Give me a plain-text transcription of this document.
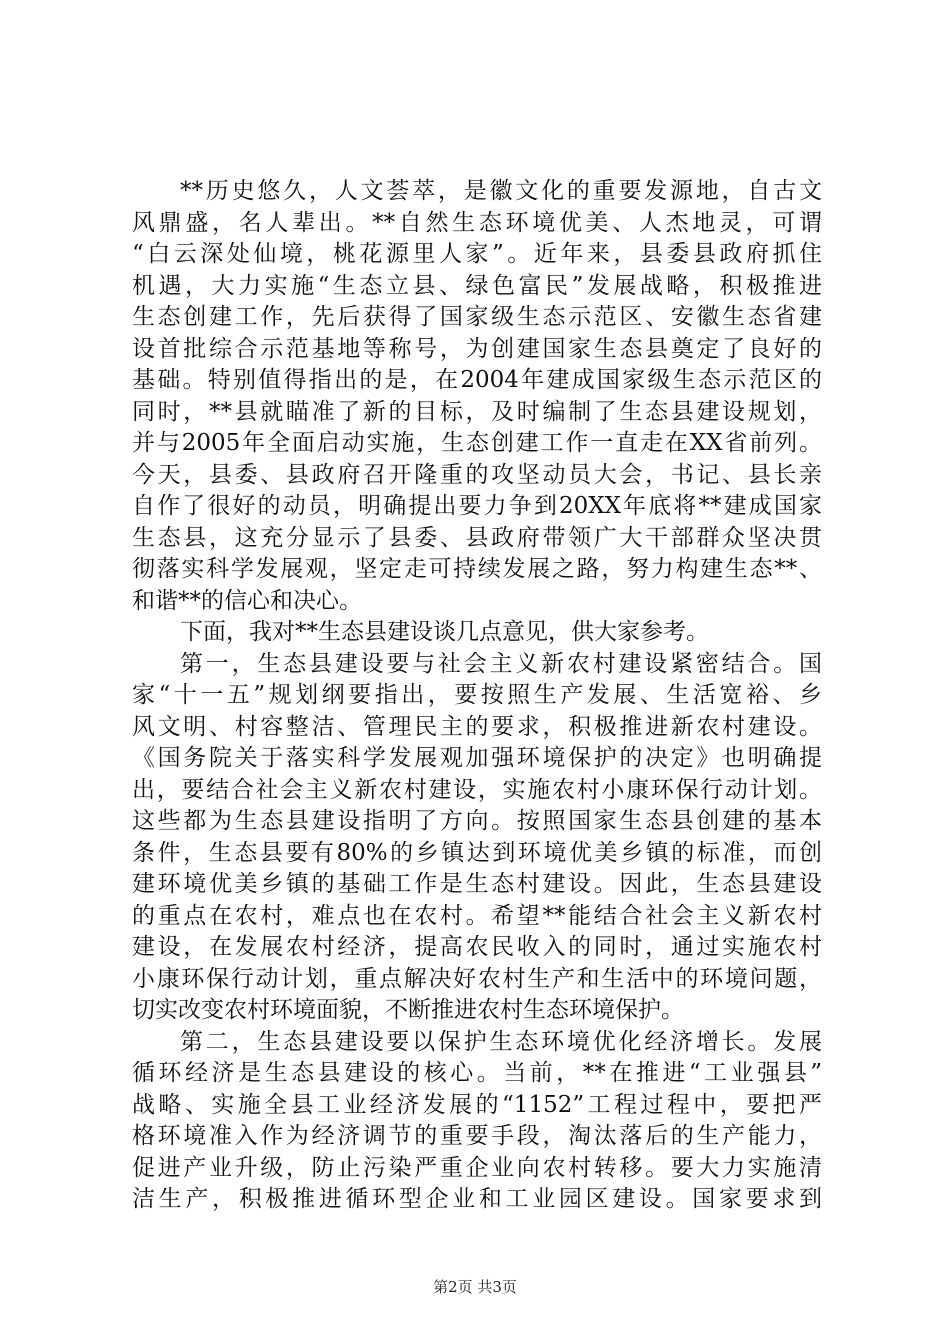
**历史悠久，人文荟萃，是徽文化的重要发源地，自古文
风鼎盛，名人辈出。**自然生态环境优美、人杰地灵，可谓
“白云深处仙境，桃花源里人家”。近年来，县委县政府抓住
机遇，大力实施“生态立县、绿色富民”发展战略，积极推进
生态创建工作，先后获得了国家级生态示范区、安徽生态省建
设首批综合示范基地等称号，为创建国家生态县奠定了良好的
基础。特别值得指出的是，在2004年建成国家级生态示范区的
同时，**县就瞄准了新的目标，及时编制了生态县建设规划，
并与2005年全面启动实施，生态创建工作一直走在XX省前列。
今天，县委、县政府召开隆重的攻坚动员大会，书记、县长亲
自作了很好的动员，明确提出要力争到20XX年底将**建成国家
生态县，这充分显示了县委、县政府带领广大干部群众坚决贯
彻落实科学发展观，坚定走可持续发展之路，努力构建生态**、
和谐**的信心和决心。
下面，我对**生态县建设谈几点意见，供大家参考。
第一，生态县建设要与社会主义新农村建设紧密结合。国
家“十一五”规划纲要指出，要按照生产发展、生活宽裕、乡
风文明、村容整洁、管理民主的要求，积极推进新农村建设。
《国务院关于落实科学发展观加强环境保护的决定》也明确提
出，要结合社会主义新农村建设，实施农村小康环保行动计划。
这些都为生态县建设指明了方向。按照国家生态县创建的基本
条件，生态县要有80%的乡镇达到环境优美乡镇的标准，而创
建环境优美乡镇的基础工作是生态村建设。因此，生态县建设
的重点在农村，难点也在农村。希望**能结合社会主义新农村
建设，在发展农村经济，提高农民收入的同时，通过实施农村
小康环保行动计划，重点解决好农村生产和生活中的环境问题，
切实改变农村环境面貌，不断推进农村生态环境保护。
第二，生态县建设要以保护生态环境优化经济增长。发展
循环经济是生态县建设的核心。当前，**在推进“工业强县”
战略、实施全县工业经济发展的“1152”工程过程中，要把严
格环境准入作为经济调节的重要手段，淘汰落后的生产能力，
促进产业升级，防止污染严重企业向农村转移。要大力实施清
洁生产，积极推进循环型企业和工业园区建设。国家要求到
第2页 共3页
